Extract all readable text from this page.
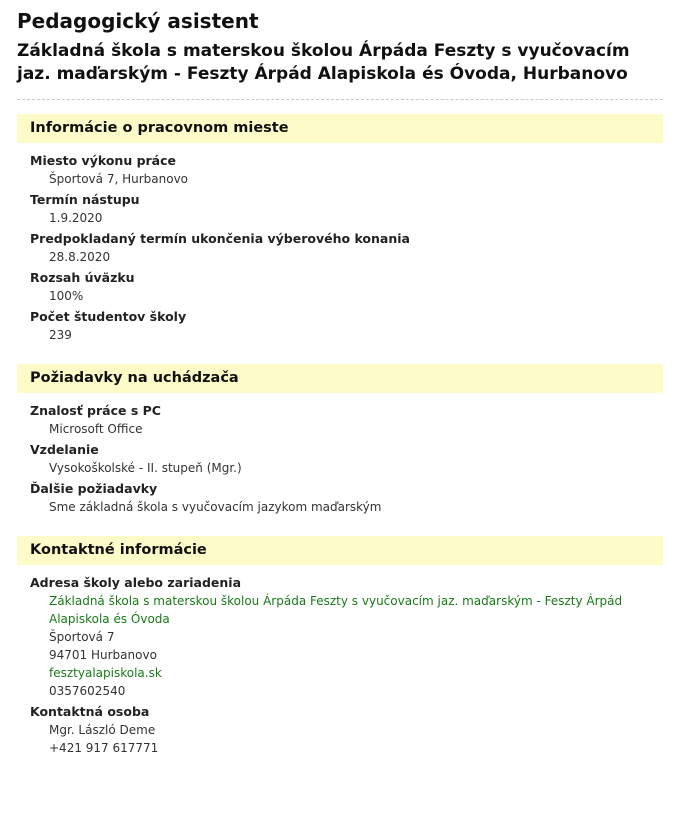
Pedagogický asistent
Základná škola s materskou školou Árpáda Feszty s vyučovacím jaz. maďarským - Feszty Árpád Alapiskola és Óvoda, Hurbanovo
Informácie o pracovnom mieste
Miesto výkonu práce
Športová 7, Hurbanovo
Termín nástupu
1.9.2020
Predpokladaný termín ukončenia výberového konania
28.8.2020
Rozsah úväzku
100%
Počet študentov školy
239
Požiadavky na uchádzača
Znalosť práce s PC
Microsoft Office
Vzdelanie
Vysokoškolské - II. stupeň (Mgr.)
Ďalšie požiadavky
Sme základná škola s vyučovacím jazykom maďarským
Kontaktné informácie
Adresa školy alebo zariadenia
Základná škola s materskou školou Árpáda Feszty s vyučovacím jaz. maďarským - Feszty Árpád
Alapiskola és Óvoda
Športová 7
94701 Hurbanovo
fesztyalapiskola.sk
0357602540
Kontaktná osoba
Mgr. László Deme
+421 917 617771
